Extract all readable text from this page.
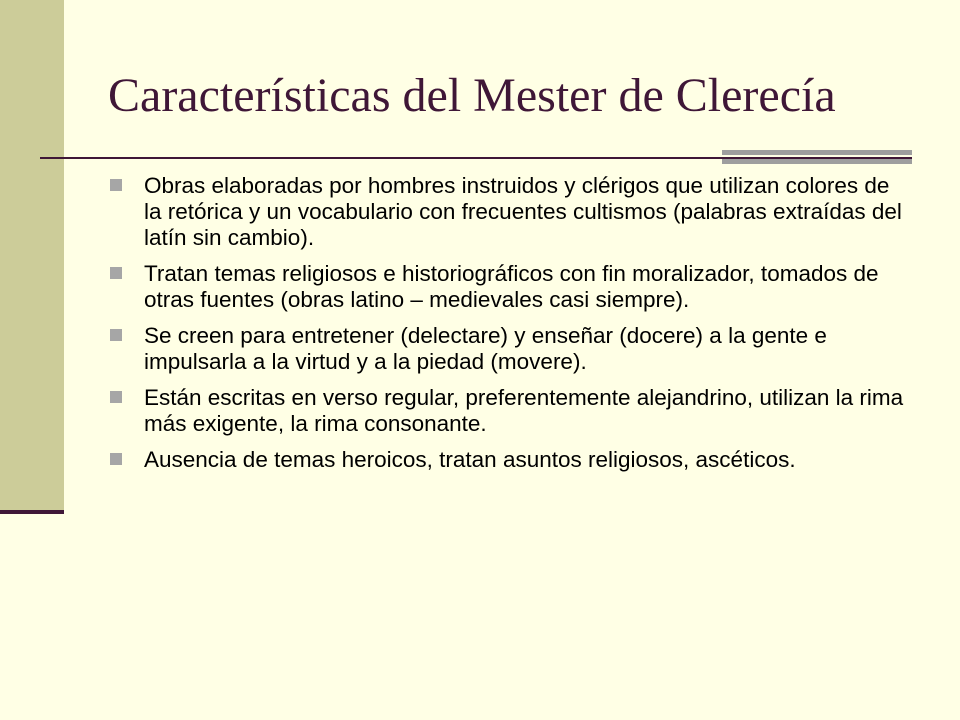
Características del Mester de Clerecía
Obras elaboradas por hombres instruidos y clérigos que utilizan colores de la retórica y un vocabulario con frecuentes cultismos (palabras extraídas del latín sin cambio).
Tratan temas religiosos e historiográficos con fin moralizador, tomados de otras fuentes (obras latino – medievales casi siempre).
Se creen para entretener (delectare) y enseñar (docere) a la gente e impulsarla a la virtud y a la piedad (movere).
Están escritas en verso regular, preferentemente alejandrino, utilizan la rima más exigente, la rima consonante.
Ausencia de temas heroicos, tratan asuntos religiosos, ascéticos.
